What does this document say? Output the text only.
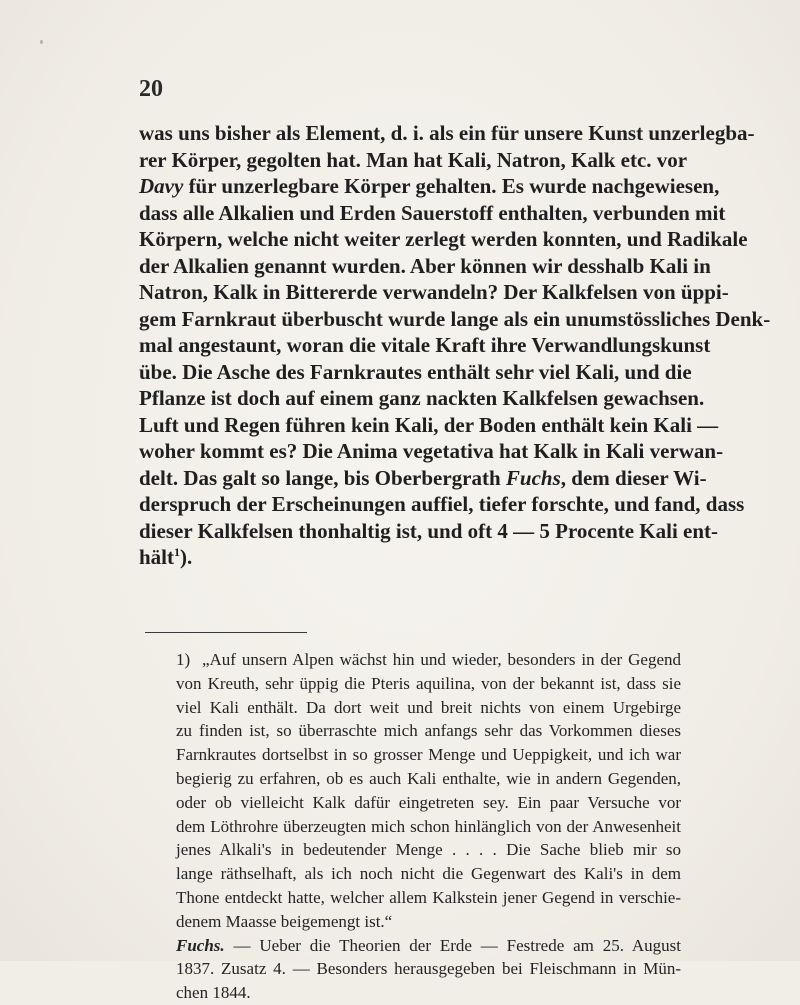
20
was uns bisher als Element, d. i. als ein für unsere Kunst unzerlegba-
rer Körper, gegolten hat. Man hat Kali, Natron, Kalk etc. vor
Davy für unzerlegbare Körper gehalten. Es wurde nachgewiesen,
dass alle Alkalien und Erden Sauerstoff enthalten, verbunden mit
Körpern, welche nicht weiter zerlegt werden konnten, und Radikale
der Alkalien genannt wurden. Aber können wir desshalb Kali in
Natron, Kalk in Bittererde verwandeln? Der Kalkfelsen von üppi-
gem Farnkraut überbuscht wurde lange als ein unumstössliches Denk-
mal angestaunt, woran die vitale Kraft ihre Verwandlungskunst
übe. Die Asche des Farnkrautes enthält sehr viel Kali, und die
Pflanze ist doch auf einem ganz nackten Kalkfelsen gewachsen.
Luft und Regen führen kein Kali, der Boden enthält kein Kali —
woher kommt es? Die Anima vegetativa hat Kalk in Kali verwan-
delt. Das galt so lange, bis Oberbergrath Fuchs, dem dieser Wi-
derspruch der Erscheinungen auffiel, tiefer forschte, und fand, dass
dieser Kalkfelsen thonhaltig ist, und oft 4 — 5 Procente Kali ent-
hält$^1$).
1) „Auf unsern Alpen wächst hin und wieder, besonders in der Gegend
von Kreuth, sehr üppig die Pteris aquilina, von der bekannt ist, dass sie
viel Kali enthält. Da dort weit und breit nichts von einem Urgebirge
zu finden ist, so überraschte mich anfangs sehr das Vorkommen dieses
Farnkrautes dortselbst in so grosser Menge und Ueppigkeit, und ich war
begierig zu erfahren, ob es auch Kali enthalte, wie in andern Gegenden,
oder ob vielleicht Kalk dafür eingetreten sey. Ein paar Versuche vor
dem Löthrohre überzeugten mich schon hinlänglich von der Anwesenheit
jenes Alkali's in bedeutender Menge . . . . Die Sache blieb mir so
lange räthselhaft, als ich noch nicht die Gegenwart des Kali's in dem
Thone entdeckt hatte, welcher allem Kalkstein jener Gegend in verschie-
denem Maasse beigemengt ist.“
Fuchs. — Ueber die Theorien der Erde — Festrede am 25. August
1837. Zusatz 4. — Besonders herausgegeben bei Fleischmann in Mün-
chen 1844.
